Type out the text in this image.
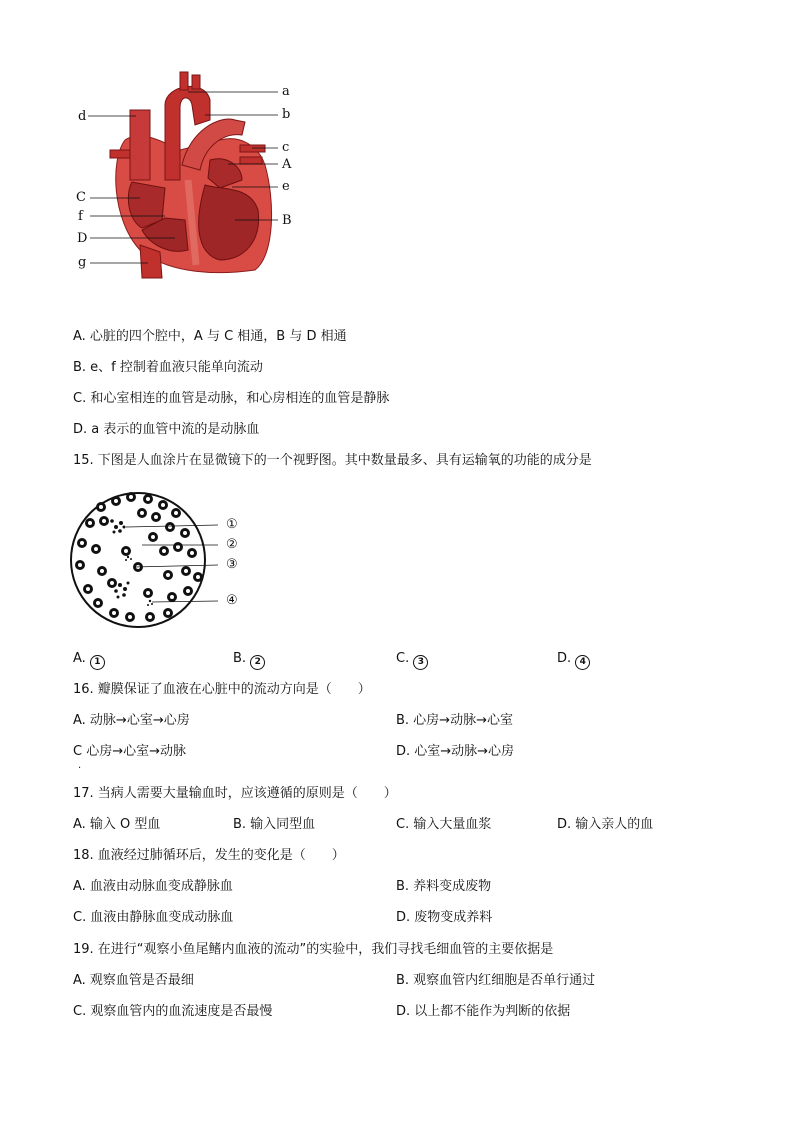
a
b
c
A
e
B
d
C
f
D
g
A. 心脏的四个腔中，A 与 C 相通，B 与 D 相通
B. e、f 控制着血液只能单向流动
C. 和心室相连的血管是动脉，和心房相连的血管是静脉
D. a 表示的血管中流的是动脉血
15. 下图是人血涂片在显微镜下的一个视野图。其中数量最多、具有运输氧的功能的成分是
①
②
③
④
A. 1	B. 2	C. 3	D. 4
16. 瓣膜保证了血液在心脏中的流动方向是（　　）
A. 动脉→心室→心房	B. 心房→动脉→心室
C 心房→心室→动脉	D. 心室→动脉→心房
.
17. 当病人需要大量输血时，应该遵循的原则是（　　）
A. 输入 O 型血	B. 输入同型血	C. 输入大量血浆	D. 输入亲人的血
18. 血液经过肺循环后，发生的变化是（　　）
A. 血液由动脉血变成静脉血	B. 养料变成废物
C. 血液由静脉血变成动脉血	D. 废物变成养料
19. 在进行“观察小鱼尾鳍内血液的流动”的实验中，我们寻找毛细血管的主要依据是
A. 观察血管是否最细	B. 观察血管内红细胞是否单行通过
C. 观察血管内的血流速度是否最慢	D. 以上都不能作为判断的依据
